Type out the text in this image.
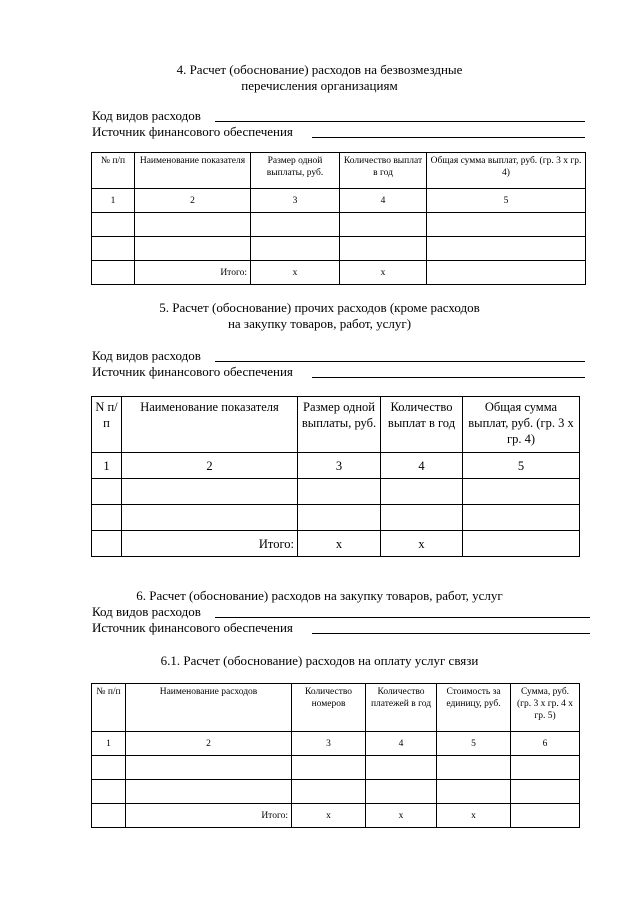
4. Расчет (обоснование) расходов на безвозмездные
перечисления организациям
Код видов расходов
Источник финансового обеспечения
№ п/п	Наименование показателя	Размер одной выплаты, руб.	Количество выплат в год	Общая сумма выплат, руб. (гр. 3 х гр. 4)
1	2	3	4	5

	Итого:	х	х	
5. Расчет (обоснование) прочих расходов (кроме расходов
на закупку товаров, работ, услуг)
Код видов расходов
Источник финансового обеспечения
N п/п	Наименование показателя	Размер одной выплаты, руб.	Количество выплат в год	Общая сумма выплат, руб. (гр. 3 х гр. 4)
1	2	3	4	5

	Итого:	х	х	
6. Расчет (обоснование) расходов на закупку товаров, работ, услуг
Код видов расходов
Источник финансового обеспечения
6.1. Расчет (обоснование) расходов на оплату услуг связи
№ п/п	Наименование расходов	Количество номеров	Количество платежей в год	Стоимость за единицу, руб.	Сумма, руб. (гр. 3 х гр. 4 х гр. 5)
1	2	3	4	5	6

	Итого:	х	х	х	
